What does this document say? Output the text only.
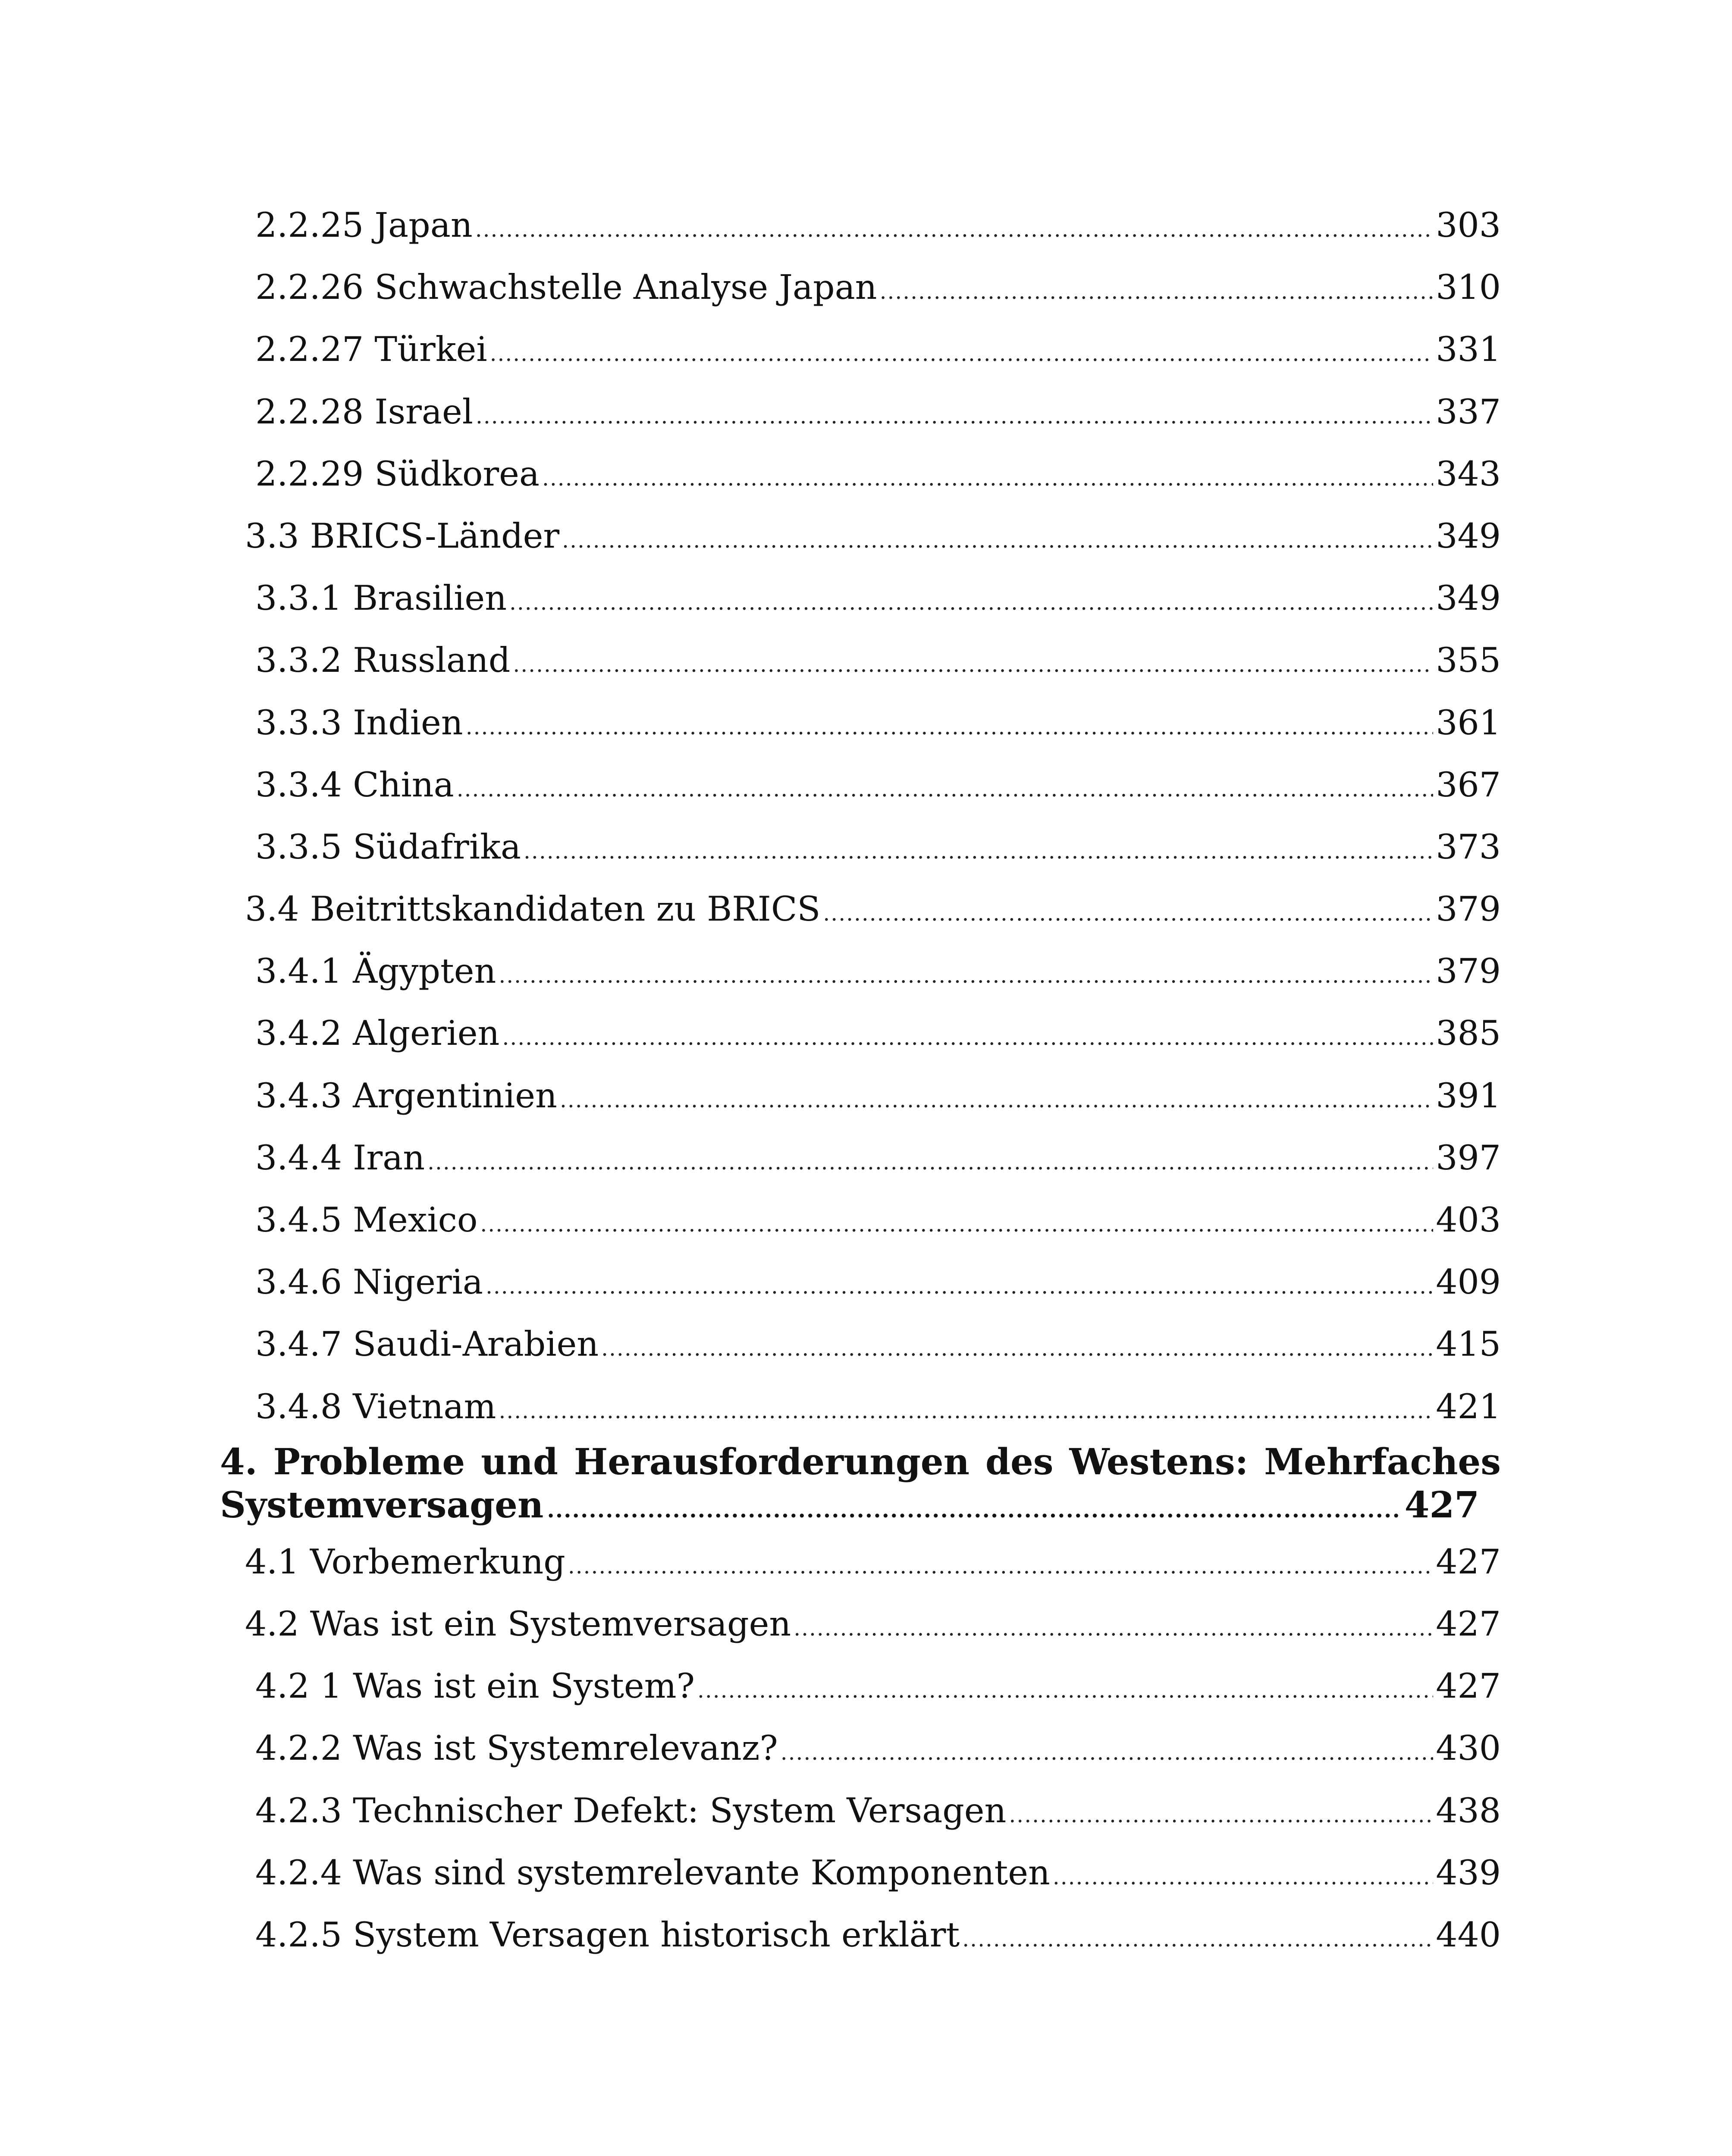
2.2.25 Japan .....	303
2.2.26 Schwachstelle Analyse Japan .....	310
2.2.27 Türkei .....	331
2.2.28 Israel .....	337
2.2.29 Südkorea .....	343
3.3 BRICS-Länder .....	349
3.3.1 Brasilien .....	349
3.3.2 Russland .....	355
3.3.3 Indien .....	361
3.3.4 China .....	367
3.3.5 Südafrika .....	373
3.4 Beitrittskandidaten zu BRICS .....	379
3.4.1 Ägypten .....	379
3.4.2 Algerien .....	385
3.4.3 Argentinien .....	391
3.4.4 Iran .....	397
3.4.5 Mexico .....	403
3.4.6 Nigeria .....	409
3.4.7 Saudi-Arabien .....	415
3.4.8 Vietnam .....	421
4. Probleme und Herausforderungen des Westens: Mehrfaches
Systemversagen .....	427
4.1 Vorbemerkung .....	427
4.2 Was ist ein Systemversagen .....	427
4.2 1 Was ist ein System? .....	427
4.2.2 Was ist Systemrelevanz? .....	430
4.2.3 Technischer Defekt: System Versagen .....	438
4.2.4 Was sind systemrelevante Komponenten .....	439
4.2.5 System Versagen historisch erklärt .....	440
